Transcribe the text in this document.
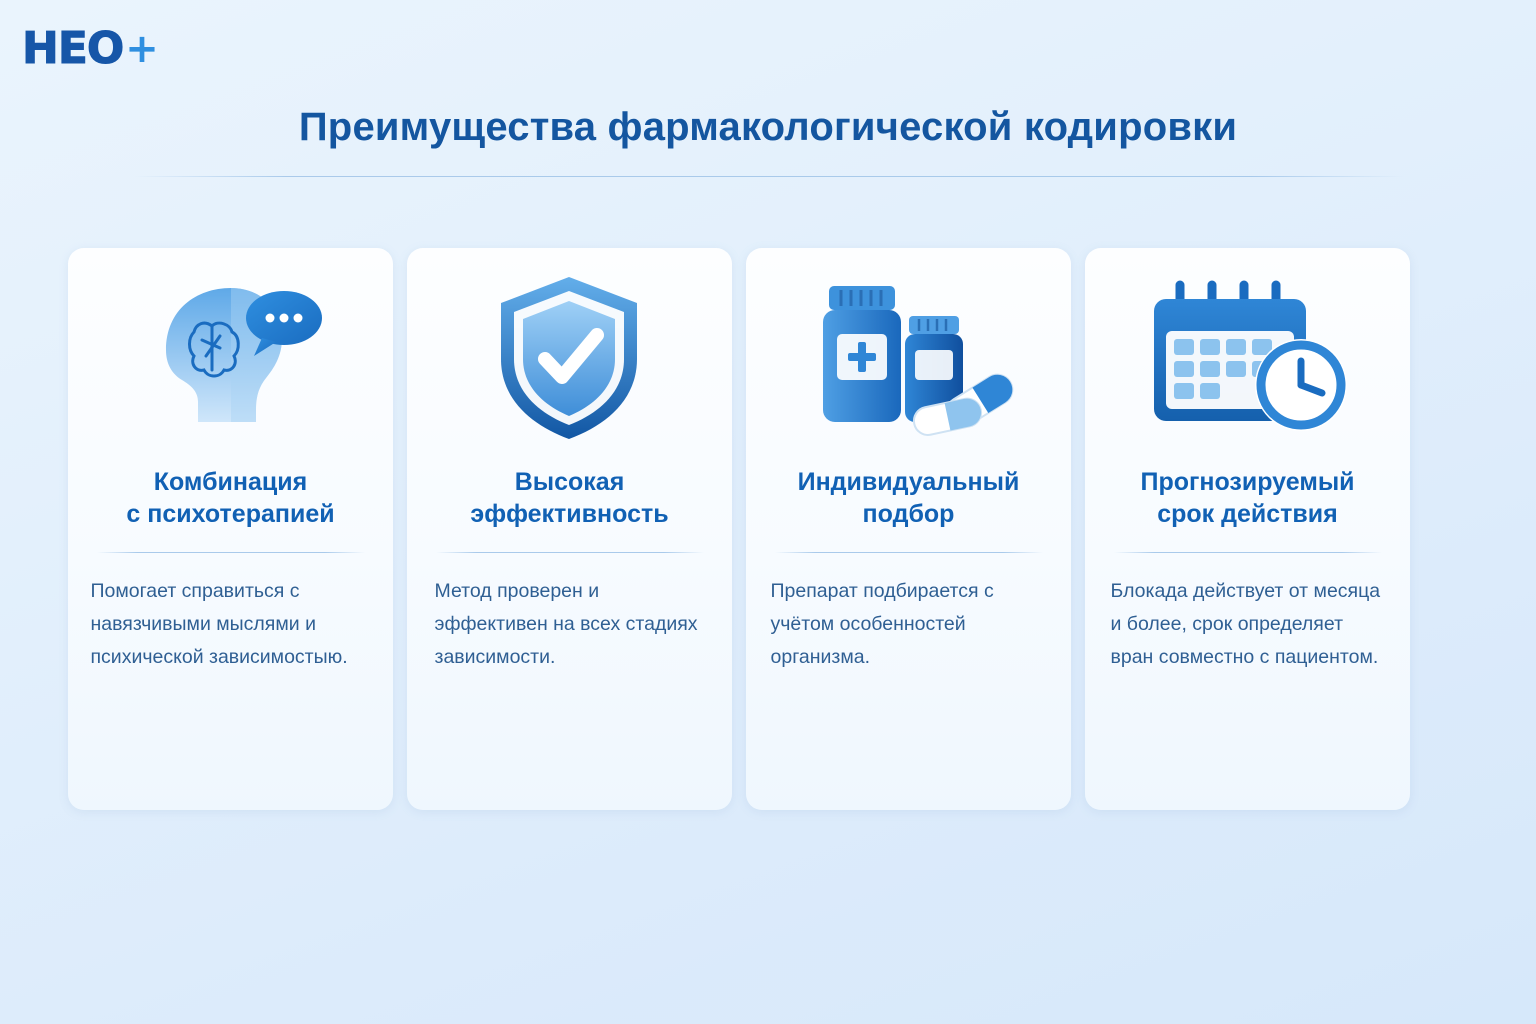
HEO +
Преимущества фармакологической кодировки
Комбинация
с психотерапией
Помогает справиться с навязчивыми мыслями и психической зависимостыю.
Высокая
эффективность
Метод проверен и эффективен на всех стадиях зависимости.
Индивидуальный
подбор
Препарат подбирается с учётом особенностей организма.
Прогнозируемый
срок действия
Блокада действует от месяца и более, срок определяет вран совместно с пациентом.
